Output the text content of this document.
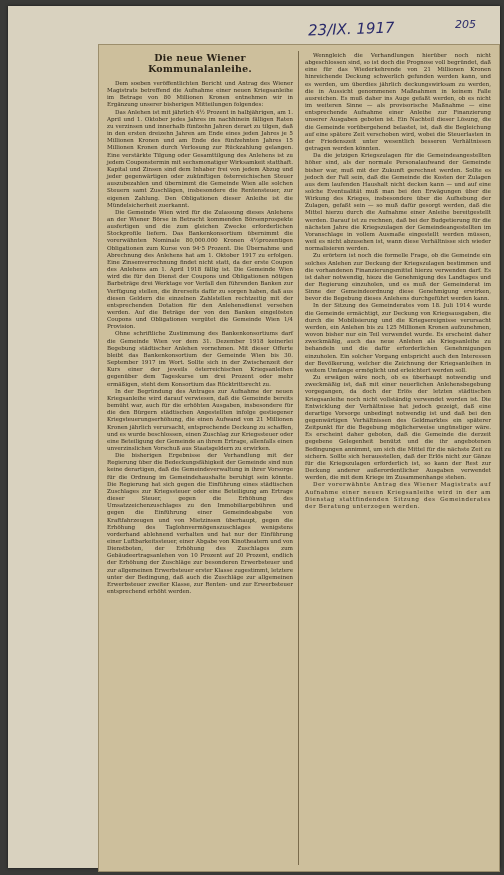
23/IX. 1917	205
Die neue Wiener Kommunalanleihe.

Dem soeben veröffentlichten Bericht und Antrag des Wiener Magistrats betreffend die Aufnahme einer neuen Kriegsanleihe im Betrage von 80 Millionen Kronen entnehmen wir in Ergänzung unserer bisherigen Mitteilungen folgendes:

Das Anlehen ist mit jährlich 4½ Prozent in halbjährigen, am 1. April und 1. Oktober jedes Jahres im nachhinein fälligen Raten zu verzinsen und innerhalb fünfzehn Jahren derart zu tilgen, daß in den ersten dreizehn Jahren am Ende eines jeden Jahres je 5 Millionen Kronen und am Ende des fünfzehnten Jahres 15 Millionen Kronen durch Verlosung zur Rückzahlung gelangen. Eine verstärkte Tilgung oder Gesamttilgung des Anlehens ist zu jedem Couponstermin mit sechsmonatiger Wirksamkeit statthaft. Kapital und Zinsen sind dem Inhaber frei von jedem Abzug und jeder gegenwärtigen oder zukünftigen österreichischen Steuer auszubezahlen und übernimmt die Gemeinde Wien alle solchen Steuern samt Zuschlägen, insbesondere die Rentensteuer, zur eigenen Zahlung. Den Obligationen dieser Anleihe ist die Mündelsicherheit zuerkannt.

Die Gemeinde Wien wird für die Zulassung dieses Anlehens an der Wiener Börse in Betracht kommenden Börsenprospekte ausfertigen und die zum gleichen Zwecke erforderlichen Stockprofile liefern. Das Bankenkonsortium übernimmt die vorerwähnten Nominale 80,000.000 Kronen 4½prozentigen Obligationen zum Kurse von 94·5 Prozent. Die Übernahme und Abrechnung des Anlehens hat am 1. Oktober 1917 zu erfolgen. Eine Zinsenverrechnung findet nicht statt, da der erste Coupon des Anlehens am 1. April 1918 fällig ist. Die Gemeinde Wien wird die für den Dienst der Coupons und Obligationen nötigen Barbeträge drei Werktage vor Verfall den führenden Banken zur Verfügung stellen, die ihrerseits dafür zu sorgen haben, daß aus diesen Geldern die einzelnen Zahlstellen rechtzeitig mit der entsprechenden Dotation für den Anlehensdienst versehen werden. Auf die Beträge der von den Banken eingelösten Coupons und Obligationen vergütet die Gemeinde Wien 1/4 Provision.

Ohne schriftliche Zustimmung des Bankenkonsortiums darf die Gemeinde Wien vor dem 31. Dezember 1918 keinerlei Begebung städtischer Anlehen vornehmen. Mit dieser Offerte bleibt das Bankenkonsortium der Gemeinde Wien bis 30. September 1917 im Wort. Sollte sich in der Zwischenzeit der Kurs einer der jeweils österreichischen Kriegsanleihen gegenüber dem Tageskurse um drei Prozent oder mehr ermäßigen, steht dem Konsortium das Rücktrittsrecht zu.

In der Begründung des Antrages zur Aufnahme der neuen Kriegsanleihe wird darauf verwiesen, daß die Gemeinde bereits bemüht war, auch für die erhöhten Ausgaben, insbesondere für die den Bürgern städtischen Angestellten infolge gestiegener Kriegsteuerungserhöhung, die einen Aufwand von 21 Millionen Kronen jährlich verursacht, entsprechende Deckung zu schaffen, und es wurde beschlossen, einen Zuschlag zur Kriegssteuer oder eine Beteiligung der Gemeinde an ihrem Ertrage, allenfalls einen unverzinslichen Vorschuß aus Staatsgeldern zu erwirken.

Die bisherigen Ergebnisse der Verhandlung mit der Regierung über die Bedeckungsfähigkeit der Gemeinde sind nun keine derartigen, daß die Gemeindeverwaltung in ihrer Vorsorge für die Ordnung im Gemeindehaushalte beruhigt sein könnte. Die Regierung hat sich gegen die Einführung eines städtischen Zuschlages zur Kriegssteuer oder eine Beteiligung am Ertrage dieser Steuer, gegen die Erhöhung des Umsatzzeichenzuschlages zu den Immobiliargebühren und gegen die Einführung einer Gemeindeabgabe von Kraftfahrzeugen und von Mietzinsen überhaupt, gegen die Erhöhung des Taglohnvermögenszuschlages wenigstens vorderhand ablehnend verhalten und hat nur der Einführung einer Luftbarkeitssteuer, einer Abgabe von Kinotheatern und von Dienstboten, der Erhöhung des Zuschlages zum Gebäudeertragsanlehen von 10 Prozent auf 20 Prozent, endlich der Erhöhung der Zuschläge zur besonderen Erwerbsteuer und zur allgemeinen Erwerbsteuer erster Klasse zugestimmt, letztere unter der Bedingung, daß auch die Zuschläge zur allgemeinen Erwerbsteuer zweiter Klasse, zur Renten- und zur Erwerbsteuer entsprechend erhöht werden.

Wenngleich die Verhandlungen hierüber noch nicht abgeschlossen sind, so ist doch die Prognose voll begründet, daß eine für das Wiederkehrende von 21 Millionen Kronen hinreichende Deckung schwerlich gefunden werden kann, und es werden, um überdies jährlich deckungswirksam zu werden, die in Aussicht genommenen Maßnahmen in keinem Falle ausreichen. Es muß daher ins Auge gefaßt werden, ob es nicht im weiteren Sinne — als provisorische Maßnahme — eine entsprechende Aufnahme einer Anleihe zur Finanzierung unserer Ausgaben geboten ist. Ein Nachteil dieser Lösung, die die Gemeinde vorübergehend belastet, ist, daß die Begleichung auf eine spätere Zeit verschoben wird, wobei die Steuerlasten in der Friedenszeit unter wesentlich besseren Verhältnissen getragen werden könnten.

Da die jetzigen Kriegszulagen für die Gemeindeangestellten höher sind, als der normale Personalaufwand der Gemeinde bisher war, muß mit der Zukunft gerechnet werden. Sollte es jedoch der Fall sein, daß die Gemeinde die Kosten der Zulagen aus dem laufenden Haushalt nicht decken kann — und auf eine solche Eventualität muß man bei den Erwägungen über die Wirkung des Krieges, insbesondere über die Aufhebung der Zulagen, gefaßt sein — so muß dafür gesorgt werden, daß die Mittel hierzu durch die Aufnahme einer Anleihe bereitgestellt werden. Darauf ist zu rechnen, daß bei der Budgetierung für die nächsten Jahre die Kriegszulagen der Gemeindeangestellten im Voranschlage in vollem Ausmaße eingestellt werden müssen, weil es nicht abzusehen ist, wann diese Verhältnisse sich wieder normalisieren werden.

Zu erörtern ist noch die formelle Frage, ob die Gemeinde ein solches Anlehen zur Deckung der Kriegszulagen bestimmen und die vorhandenen Finanzierungsmittel hierzu verwenden darf. Es ist daher notwendig, hiezu die Genehmigung des Landtages und der Regierung einzuholen, und es muß der Gemeinderat im Sinne der Gemeindeordnung diese Genehmigung erwirken, bevor die Begebung dieses Anlehens durchgeführt werden kann.

In der Sitzung des Gemeinderates vom 18. Juli 1914 wurde die Gemeinde ermächtigt, zur Deckung von Kriegsausgaben, die durch die Mobilisierung und die Kriegsereignisse verursacht werden, ein Anlehen bis zu 125 Millionen Kronen aufzunehmen, wovon bisher nur ein Teil verwendet wurde. Es erscheint daher zweckmäßig, auch das neue Anlehen als Kriegsanleihe zu behandeln und die dafür erforderlichen Genehmigungen einzuholen. Ein solcher Vorgang entspricht auch den Interessen der Bevölkerung, welcher die Zeichnung der Kriegsanleihen in weitem Umfange ermöglicht und erleichtert werden soll.

Zu erwägen wäre noch, ob es überhaupt notwendig und zweckmäßig ist, daß mit einer neuerlichen Anlehensbegebung vorgegangen, da doch der Erlös der letzten städtischen Kriegsanleihe noch nicht vollständig verwendet worden ist. Die Entwicklung der Verhältnisse hat jedoch gezeigt, daß eine derartige Vorsorge unbedingt notwendig ist und daß bei den gegenwärtigen Verhältnissen des Geldmarktes ein späterer Zeitpunkt für die Begebung möglicherweise ungünstiger wäre. Es erscheint daher geboten, daß die Gemeinde die derzeit gegebene Gelegenheit benützt und die ihr angebotenen Bedingungen annimmt, um sich die Mittel für die nächste Zeit zu sichern. Sollte sich herausstellen, daß der Erlös nicht zur Gänze für die Kriegszulagen erforderlich ist, so kann der Rest zur Deckung anderer außerordentlicher Ausgaben verwendet werden, die mit dem Kriege im Zusammenhange stehen.

Der vorerwähnte Antrag des Wiener Magistrats auf Aufnahme einer neuen Kriegsanleihe wird in der am Dienstag stattfindenden Sitzung des Gemeinderates der Beratung unterzogen werden.
